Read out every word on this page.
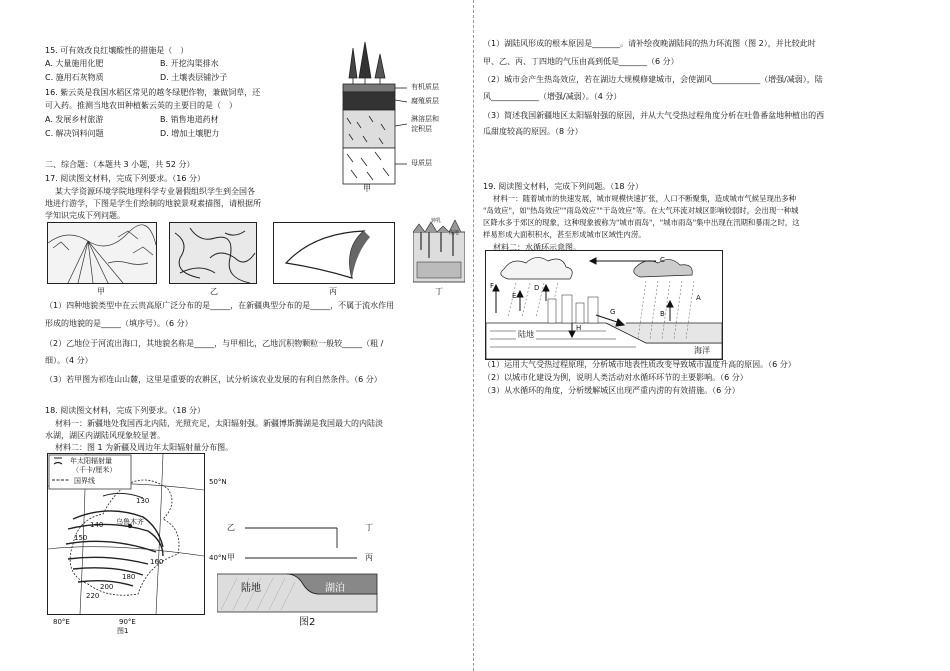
15. 可有效改良红壤酸性的措施是（　）
A. 大量施用化肥	B. 开挖沟渠排水
C. 施用石灰物质	D. 土壤表层铺沙子
16. 紫云英是我国水稻区常见的越冬绿肥作物，兼做饲草，还
可入药。推测当地农田种植紫云英的主要目的是（　）
A. 发展乡村旅游	B. 销售地道药材
C. 解决饲料问题	D. 增加土壤肥力
有机质层
腐殖质层
淋溶层和
淀积层
母质层
甲
二、综合题：（本题共 3 小题，共 52 分）
17. 阅读图文材料，完成下列要求。（16 分）
某大学资源环境学院地理科学专业暑假组织学生到全国各
地进行游学，下图是学生们绘制的地貌景观素描图，请根据所
学知识完成下列问题。
钟乳
流地
甲	乙	丙	丁
（1）四种地貌类型中在云贵高原广泛分布的是_____，在新疆典型分布的是_____，不属于流水作用
形成的地貌的是_____（填序号）。（6 分）
（2）乙地位于河流出海口，其地貌名称是_____，与甲相比，乙地沉积物颗粒一般较_____（粗 /
细）。（4 分）
（3）若甲图为祁连山山麓，这里是重要的农耕区，试分析该农业发展的有利自然条件。（6 分）
18. 阅读图文材料，完成下列要求。（18 分）
材料一：新疆地处我国西北内陆，光照充足，太阳辐射强。新疆博斯腾湖是我国最大的内陆淡
水湖，湖区内湖陆风现象较显著。
材料二：图 1 为新疆及周边年太阳辐射量分布图。
年太阳辐射量
（千卡/厘米）
国界线
130
140
150
160
180
200
220
乌鲁木齐
50°N
40°N
80°E	90°E
图1
乙	丁
甲	丙
陆地	湖泊
图2
（1）湖陆风形成的根本原因是_______。请补绘夜晚湖陆间的热力环流图（图 2），并比较此时
甲、乙、丙、丁四地的气压由高到低是_______（6 分）
（2）城市会产生热岛效应，若在湖边大规模修建城市，会使湖风____________（增强/减弱），陆
风____________（增强/减弱）。（4 分）
（3）简述我国新疆地区太阳辐射强的原因，并从大气受热过程角度分析在吐鲁番盆地种植出的西
瓜甜度较高的原因。（8 分）
19. 阅读图文材料，完成下列问题。（18 分）
材料一：随着城市的快速发展，城市规模快速扩张，人口不断聚集，造成城市气候呈现出多种
"岛效应"，如"热岛效应""雨岛效应""干岛效应"等。在大气环流对城区影响较弱时，会出现一种城
区降水多于郊区的现象，这种现象被称为"城市雨岛"，"城市雨岛"集中出现在汛期和暴雨之时，这
样易形成大面积积水，甚至形成城市区域性内涝。
材料二：水循环示意图。
C
F
E
D
G
H
B
A
陆地
海洋
（1）运用大气受热过程原理，分析城市地表性质改变导致城市温度升高的原因。（6 分）
（2）以城市化建设为例，说明人类活动对水循环环节的主要影响。（6 分）
（3）从水循环的角度，分析缓解城区出现严重内涝的有效措施。（6 分）
